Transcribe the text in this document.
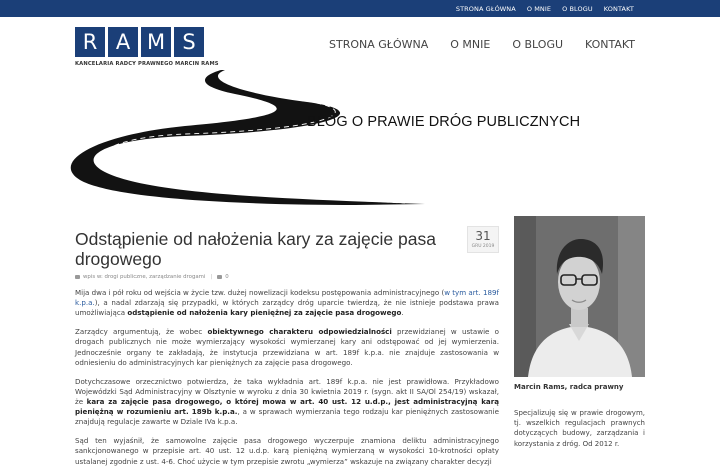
STRONA GŁÓWNA O MNIE O BLOGU KONTAKT
R A M S
KANCELARIA RADCY PRAWNEGO MARCIN RAMS
STRONA GŁÓWNA O MNIE O BLOGU KONTAKT
BLOG O PRAWIE DRÓG PUBLICZNYCH
Odstąpienie od nałożenia kary za zajęcie pasa drogowego
31
GRU 2019
wpis w: drogi publiczne, zarządzanie drogami | 0

Mija dwa i pół roku od wejścia w życie tzw. dużej nowelizacji kodeksu postępowania administracyjnego (w tym art. 189f k.p.a.), a nadal zdarzają się przypadki, w których zarządcy dróg uparcie twierdzą, że nie istnieje podstawa prawa umożliwiająca odstąpienie od nałożenia kary pieniężnej za zajęcie pasa drogowego.

Zarządcy argumentują, że wobec obiektywnego charakteru odpowiedzialności przewidzianej w ustawie o drogach publicznych nie może wymierzający wysokości wymierzanej kary ani odstępować od jej wymierzenia. Jednocześnie organy te zakładają, że instytucja przewidziana w art. 189f k.p.a. nie znajduje zastosowania w odniesieniu do administracyjnych kar pieniężnych za zajęcie pasa drogowego.

Dotychczasowe orzecznictwo potwierdza, że taka wykładnia art. 189f k.p.a. nie jest prawidłowa. Przykładowo Wojewódzki Sąd Administracyjny w Olsztynie w wyroku z dnia 30 kwietnia 2019 r. (sygn. akt II SA/Ol 254/19) wskazał, że kara za zajęcie pasa drogowego, o której mowa w art. 40 ust. 12 u.d.p., jest administracyjną karą pieniężną w rozumieniu art. 189b k.p.a., a w sprawach wymierzania tego rodzaju kar pieniężnych zastosowanie znajdują regulacje zawarte w Dziale IVa k.p.a.

Sąd ten wyjaśnił, że samowolne zajęcie pasa drogowego wyczerpuje znamiona deliktu administracyjnego sankcjonowanego w przepisie art. 40 ust. 12 u.d.p. karą pieniężną wymierzaną w wysokości 10-krotności opłaty ustalanej zgodnie z ust. 4-6. Choć użycie w tym przepisie zwrotu „wymierza” wskazuje na związany charakter decyzji

Marcin Rams, radca prawny
Specjalizuję się w prawie drogowym, tj. wszelkich regulacjach prawnych dotyczących budowy, zarządzania i korzystania z dróg. Od 2012 r.
